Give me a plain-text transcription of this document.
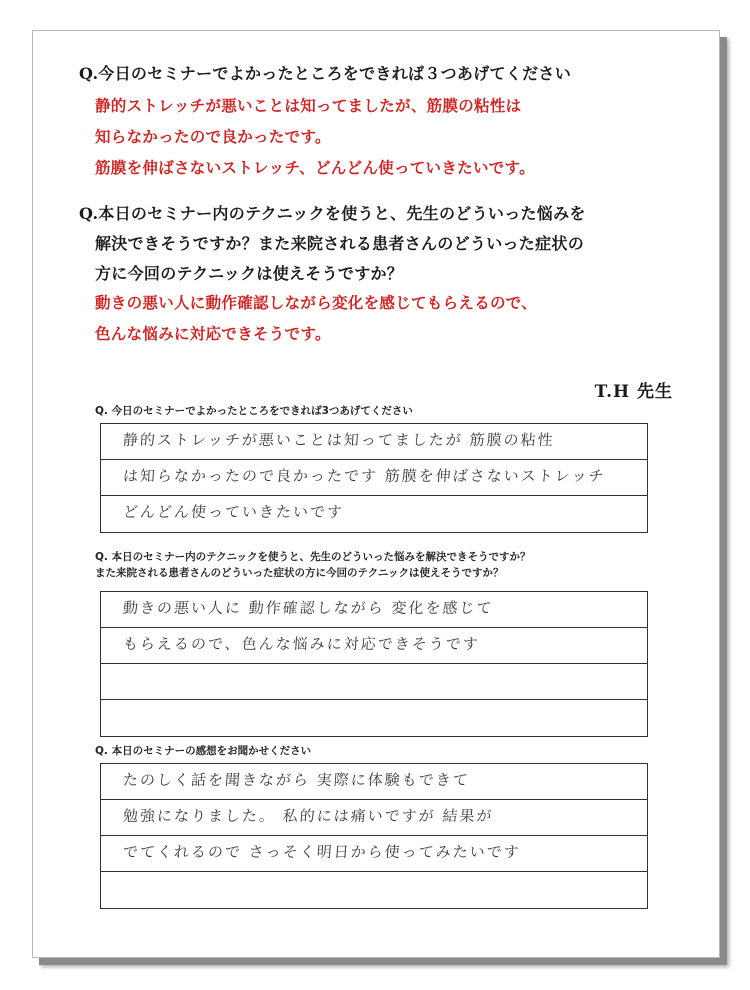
Q.今日のセミナーでよかったところをできれば３つあげてください
静的ストレッチが悪いことは知ってましたが、筋膜の粘性は
知らなかったので良かったです。
筋膜を伸ばさないストレッチ、どんどん使っていきたいです。
Q.本日のセミナー内のテクニックを使うと、先生のどういった悩みを
解決できそうですか？また来院される患者さんのどういった症状の
方に今回のテクニックは使えそうですか？
動きの悪い人に動作確認しながら変化を感じてもらえるので、
色んな悩みに対応できそうです。
T.H 先生
Q. 今日のセミナーでよかったところをできれば3つあげてください
静的ストレッチが悪いことは知ってましたが 筋膜の粘性
は知らなかったので良かったです 筋膜を伸ばさないストレッチ
どんどん使っていきたいです
Q. 本日のセミナー内のテクニックを使うと、先生のどういった悩みを解決できそうですか？
また来院される患者さんのどういった症状の方に今回のテクニックは使えそうですか？
動きの悪い人に 動作確認しながら 変化を感じて
もらえるので、色んな悩みに対応できそうです
Q. 本日のセミナーの感想をお聞かせください
たのしく話を聞きながら 実際に体験もできて
勉強になりました。 私的には痛いですが 結果が
でてくれるので さっそく明日から使ってみたいです
